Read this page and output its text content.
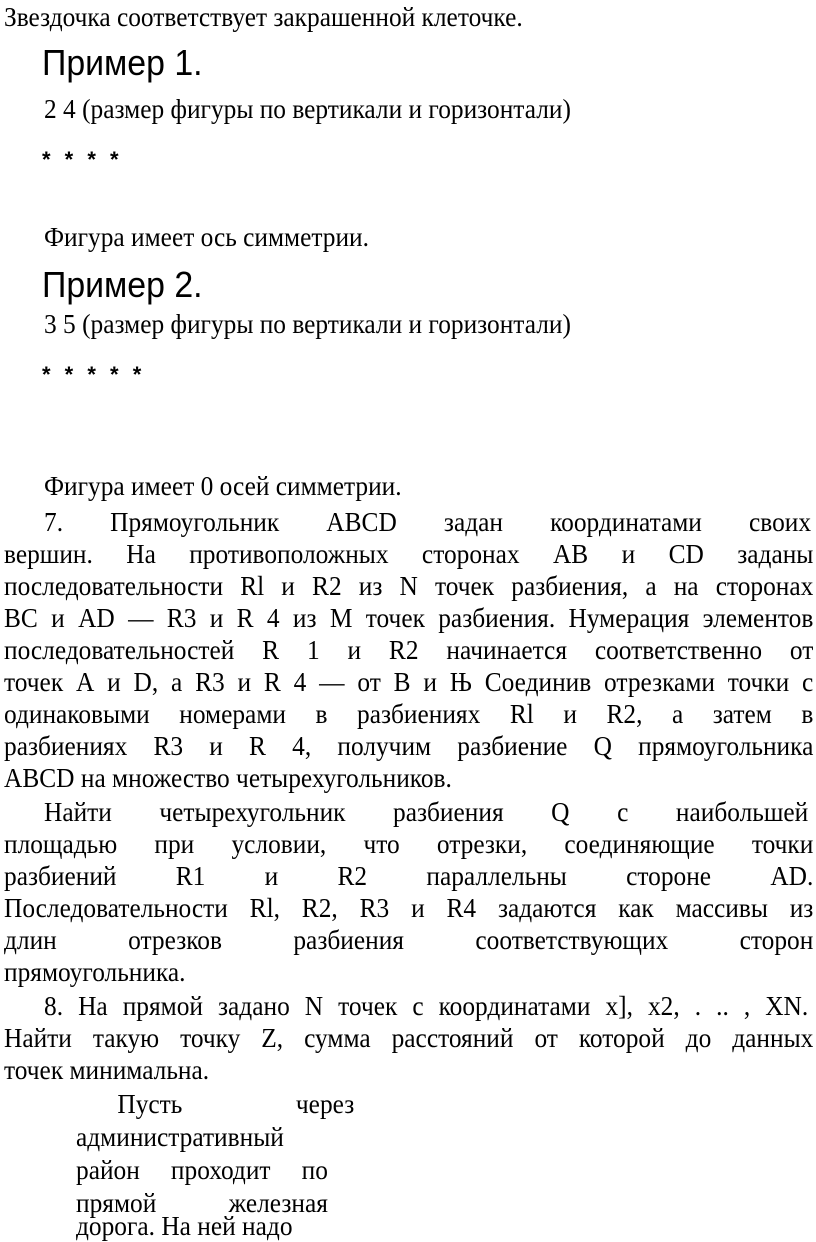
Звездочка соответствует закрашенной клеточке.
Пример 1.
2 4 (размер фигуры по вертикали и горизонтали)
* * * *
Фигура имеет ось симметрии.
Пример 2.
3 5 (размер фигуры по вертикали и горизонтали)
* * * * *
Фигура имеет 0 осей симметрии.
7. Прямоугольник ABCD задан координатами своих
вершин. На противоположных сторонах АВ и CD заданы
последовательности Rl и R2 из N точек разбиения, а на сторонах
ВС и AD — R3 и R 4 из М точек разбиения. Нумерация элементов
последовательностей R 1 и R2 начинается соответственно от
точек А и D, а R3 и R 4 — от В и Њ Соединив отрезками точки с
одинаковыми номерами в разбиениях Rl и R2, а затем в
разбиениях R3 и R 4, получим разбиение Q прямоугольника
ABCD на множество четырехугольников.
Найти четырехугольник разбиения Q с наибольшей
площадью при условии, что отрезки, соединяющие точки
разбиений R1 и R2 параллельны стороне AD.
Последовательности Rl, R2, R3 и R4 задаются как массивы из
длин отрезков разбиения соответствующих сторон
прямоугольника.
8. На прямой задано N точек с координатами x], x2, . .. , XN.
Найти такую точку Z, сумма расстояний от которой до данных
точек минимальна.
Пусть через
административный
район проходит по
прямой железная
дорога. На ней надо
